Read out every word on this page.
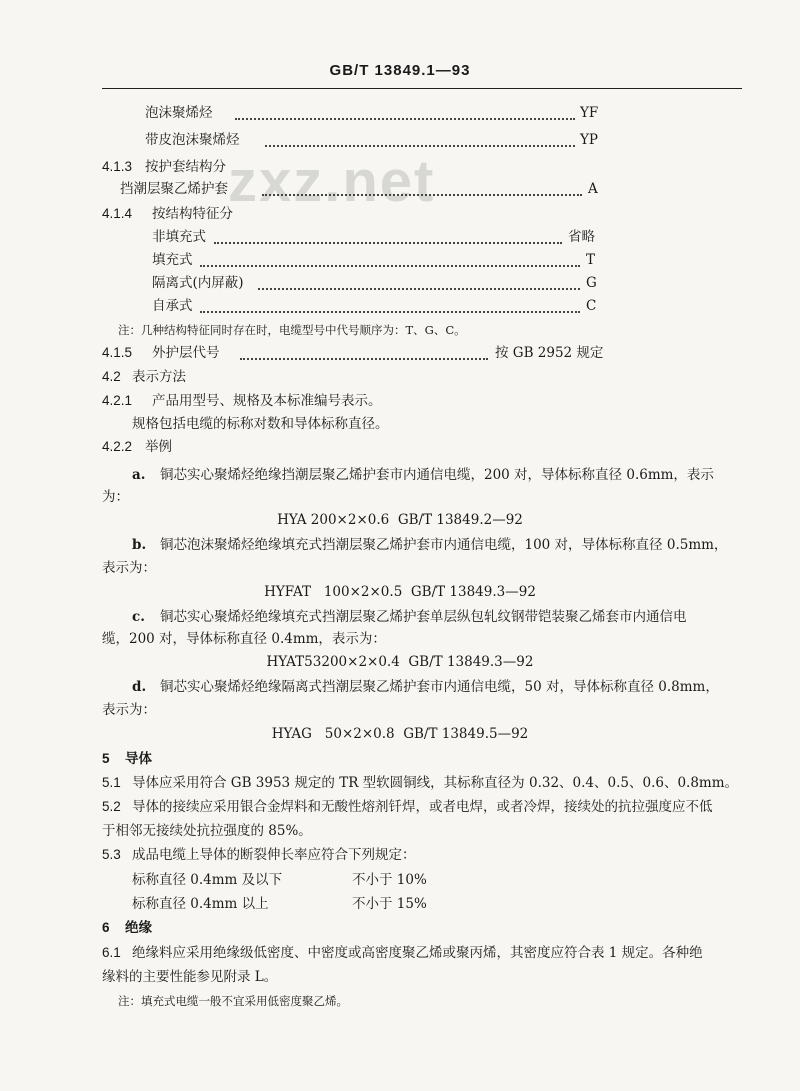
GB/T 13849.1—93
zxz.net
泡沫聚烯烃	YF
带皮泡沫聚烯烃	YP
4.1.3 按护套结构分
挡潮层聚乙烯护套	A
4.1.4 按结构特征分
非填充式	省略
填充式	T
隔离式(内屏蔽)	G
自承式	C
注：几种结构特征同时存在时，电缆型号中代号顺序为：T、G、C。
4.1.5 外护层代号	按 GB 2952 规定
4.2 表示方法
4.2.1 产品用型号、规格及本标准编号表示。
规格包括电缆的标称对数和导体标称直径。
4.2.2 举例
a. 铜芯实心聚烯烃绝缘挡潮层聚乙烯护套市内通信电缆，200 对，导体标称直径 0.6mm，表示
为：
HYA 200×2×0.6  GB/T 13849.2—92
b. 铜芯泡沫聚烯烃绝缘填充式挡潮层聚乙烯护套市内通信电缆，100 对，导体标称直径 0.5mm，
表示为：
HYFAT   100×2×0.5  GB/T 13849.3—92
c. 铜芯实心聚烯烃绝缘填充式挡潮层聚乙烯护套单层纵包轧纹钢带铠装聚乙烯套市内通信电
缆，200 对，导体标称直径 0.4mm，表示为：
HYAT53200×2×0.4  GB/T 13849.3—92
d. 铜芯实心聚烯烃绝缘隔离式挡潮层聚乙烯护套市内通信电缆，50 对，导体标称直径 0.8mm，
表示为：
HYAG   50×2×0.8  GB/T 13849.5—92
5 导体
5.1 导体应采用符合 GB 3953 规定的 TR 型软圆铜线，其标称直径为 0.32、0.4、0.5、0.6、0.8mm。
5.2 导体的接续应采用银合金焊料和无酸性熔剂钎焊，或者电焊，或者冷焊，接续处的抗拉强度应不低
于相邻无接续处抗拉强度的 85%。
5.3 成品电缆上导体的断裂伸长率应符合下列规定：
标称直径 0.4mm 及以下	不小于 10%
标称直径 0.4mm 以上	不小于 15%
6 绝缘
6.1 绝缘料应采用绝缘级低密度、中密度或高密度聚乙烯或聚丙烯，其密度应符合表 1 规定。各种绝
缘料的主要性能参见附录 L。
注：填充式电缆一般不宜采用低密度聚乙烯。
